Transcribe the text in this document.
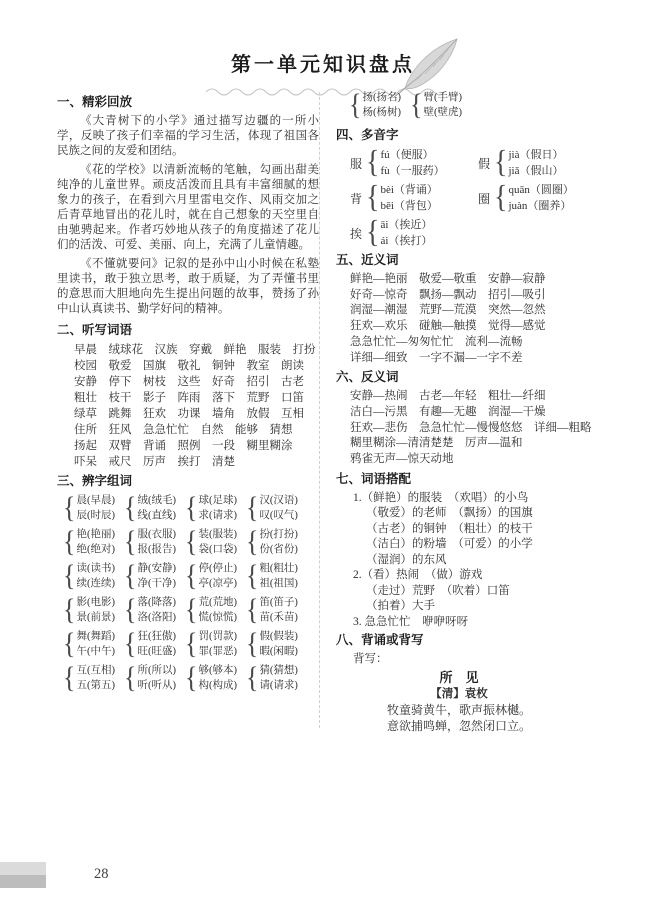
第一单元知识盘点
一、精彩回放

《大青树下的小学》通过描写边疆的一所小学，反映了孩子们幸福的学习生活，体现了祖国各民族之间的友爱和团结。

《花的学校》以清新流畅的笔触，勾画出甜美纯净的儿童世界。顽皮活泼而且具有丰富细腻的想象力的孩子，在看到六月里雷电交作、风雨交加之后青草地冒出的花儿时，就在自己想象的天空里自由驰骋起来。作者巧妙地从孩子的角度描述了花儿们的活泼、可爱、美丽、向上，充满了儿童情趣。

《不懂就要问》记叙的是孙中山小时候在私塾里读书，敢于独立思考，敢于质疑，为了弄懂书里的意思而大胆地向先生提出问题的故事，赞扬了孙中山认真读书、勤学好问的精神。

二、听写词语
早晨　绒球花　汉族　穿戴　鲜艳　服装　打扮
校园　敬爱　国旗　敬礼　铜钟　教室　朗读
安静　停下　树枝　这些　好奇　招引　古老
粗壮　枝干　影子　阵雨　落下　荒野　口笛
绿草　跳舞　狂欢　功课　墙角　放假　互相
住所　狂风　急急忙忙　自然　能够　猜想
扬起　双臂　背诵　照例　一段　糊里糊涂
吓呆　戒尺　厉声　挨打　清楚
三、辨字组词
{ 晨(早晨)
辰(时辰) { 绒(绒毛)
线(直线) { 球(足球)
求(请求) { 汉(汉语)
叹(叹气)
{ 艳(艳丽)
绝(绝对) { 服(衣服)
报(报告) { 装(服装)
袋(口袋) { 扮(打扮)
份(省份)
{ 读(读书)
续(连续) { 静(安静)
净(干净) { 停(停止)
亭(凉亭) { 粗(粗壮)
祖(祖国)
{ 影(电影)
景(前景) { 落(降落)
洛(洛阳) { 荒(荒地)
慌(惊慌) { 笛(笛子)
苗(禾苗)
{ 舞(舞蹈)
午(中午) { 狂(狂傲)
旺(旺盛) { 罚(罚款)
罪(罪恶) { 假(假装)
暇(闲暇)
{ 互(互相)
五(第五) { 所(所以)
听(听从) { 够(够本)
构(构成) { 猜(猜想)
请(请求)
{ 扬(扬名)
杨(杨树) { 臂(手臂)
壁(壁虎)
四、多音字
服 { fú（便服）
fù（一服药）
假 { jià（假日）
jiǎ（假山）
背 { bèi（背诵）
bēi（背包）
圈 { quān（圆圈）
juàn（圈养）
挨 { āi（挨近）
ái（挨打）
五、近义词
鲜艳—艳丽　敬爱—敬重　安静—寂静
好奇—惊奇　飘扬—飘动　招引—吸引
润湿—潮湿　荒野—荒漠　突然—忽然
狂欢—欢乐　碰触—触摸　觉得—感觉
急急忙忙—匆匆忙忙　流利—流畅
详细—细致　一字不漏—一字不差
六、反义词
安静—热闹　古老—年轻　粗壮—纤细
洁白—污黑　有趣—无趣　润湿—干燥
狂欢—悲伤　急急忙忙—慢慢悠悠　详细—粗略
糊里糊涂—清清楚楚　厉声—温和
鸦雀无声—惊天动地
七、词语搭配
1.（鲜艳）的服装　（欢唱）的小鸟
（敬爱）的老师　（飘扬）的国旗
（古老）的铜钟　（粗壮）的枝干
（洁白）的粉墙　（可爱）的小学
（湿润）的东风
2.（看）热闹　（做）游戏
（走过）荒野　（吹着）口笛
（拍着）大手
3. 急急忙忙　咿咿呀呀
八、背诵或背写
背写：
所　见
【清】袁枚
牧童骑黄牛，歌声振林樾。
意欲捕鸣蝉，忽然闭口立。
28
